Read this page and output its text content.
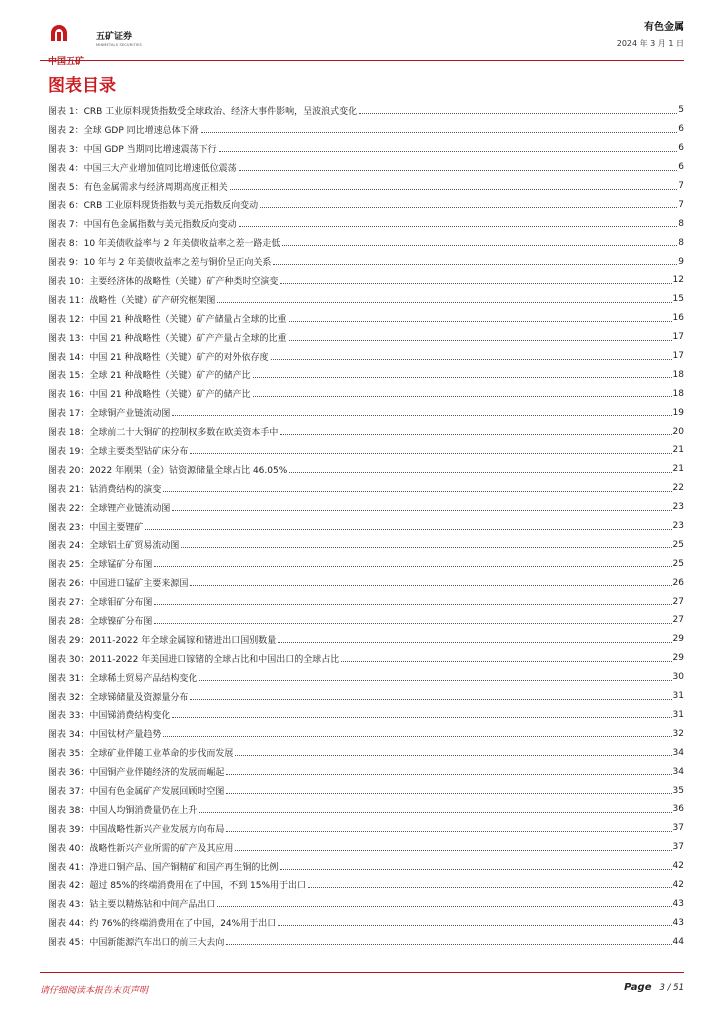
中国五矿
五矿证券
MINMETALS SECURITIES
有色金属
2024 年 3 月 1 日
图表目录
图表 1： CRB 工业原料现货指数受全球政治、经济大事件影响，呈波浪式变化	5
图表 2： 全球 GDP 同比增速总体下滑	6
图表 3： 中国 GDP 当期同比增速震荡下行	6
图表 4： 中国三大产业增加值同比增速低位震荡	6
图表 5： 有色金属需求与经济周期高度正相关	7
图表 6： CRB 工业原料现货指数与美元指数反向变动	7
图表 7： 中国有色金属指数与美元指数反向变动	8
图表 8： 10 年美债收益率与 2 年美债收益率之差一路走低	8
图表 9： 10 年与 2 年美债收益率之差与铜价呈正向关系	9
图表 10： 主要经济体的战略性（关键）矿产种类时空演变	12
图表 11： 战略性（关键）矿产研究框架图	15
图表 12： 中国 21 种战略性（关键）矿产储量占全球的比重	16
图表 13： 中国 21 种战略性（关键）矿产产量占全球的比重	17
图表 14： 中国 21 种战略性（关键）矿产的对外依存度	17
图表 15： 全球 21 种战略性（关键）矿产的储产比	18
图表 16： 中国 21 种战略性（关键）矿产的储产比	18
图表 17： 全球铜产业链流动图	19
图表 18： 全球前二十大铜矿的控制权多数在欧美资本手中	20
图表 19： 全球主要类型钴矿床分布	21
图表 20： 2022 年刚果（金）钴资源储量全球占比 46.05%	21
图表 21： 钴消费结构的演变	22
图表 22： 全球锂产业链流动图	23
图表 23： 中国主要锂矿	23
图表 24： 全球铝土矿贸易流动图	25
图表 25： 全球锰矿分布图	25
图表 26： 中国进口锰矿主要来源国	26
图表 27： 全球钼矿分布图	27
图表 28： 全球镍矿分布图	27
图表 29： 2011-2022 年全球金属镓和锗进出口国别数量	29
图表 30： 2011-2022 年美国进口镓锗的全球占比和中国出口的全球占比	29
图表 31： 全球稀土贸易产品结构变化	30
图表 32： 全球锑储量及资源量分布	31
图表 33： 中国锑消费结构变化	31
图表 34： 中国钛材产量趋势	32
图表 35： 全球矿业伴随工业革命的步伐而发展	34
图表 36： 中国铜产业伴随经济的发展而崛起	34
图表 37： 中国有色金属矿产发展回顾时空图	35
图表 38： 中国人均铜消费量仍在上升	36
图表 39： 中国战略性新兴产业发展方向布局	37
图表 40： 战略性新兴产业所需的矿产及其应用	37
图表 41： 净进口铜产品、国产铜精矿和国产再生铜的比例	42
图表 42： 超过 85%的终端消费用在了中国，不到 15%用于出口	42
图表 43： 钴主要以精炼钴和中间产品出口	43
图表 44： 约 76%的终端消费用在了中国，24%用于出口	43
图表 45： 中国新能源汽车出口的前三大去向	44
请仔细阅读本报告末页声明	Page 3 / 51
